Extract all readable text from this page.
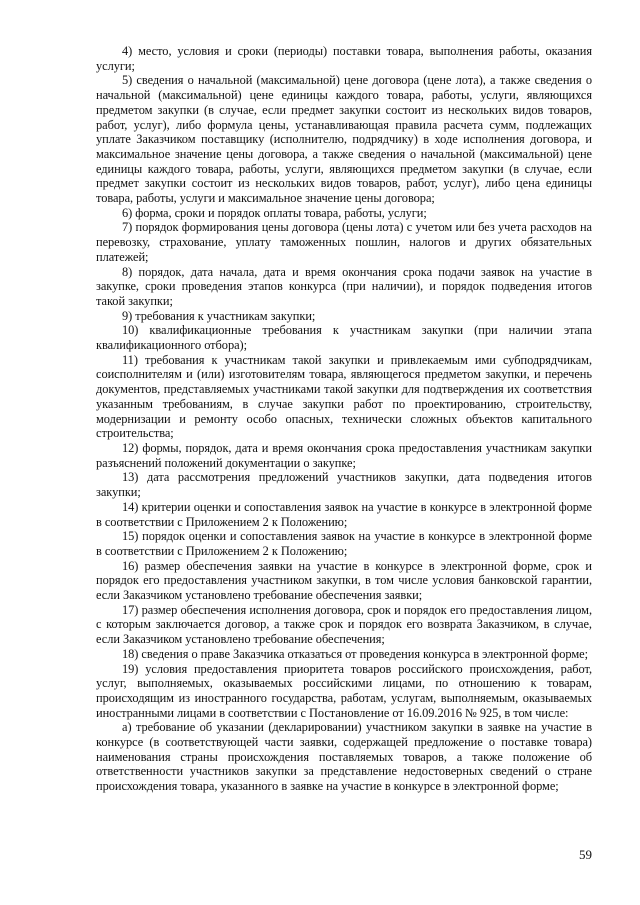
4) место, условия и сроки (периоды) поставки товара, выполнения работы, оказания услуги;

5) сведения о начальной (максимальной) цене договора (цене лота), а также сведения о начальной (максимальной) цене единицы каждого товара, работы, услуги, являющихся предметом закупки (в случае, если предмет закупки состоит из нескольких видов товаров, работ, услуг), либо формула цены, устанавливающая правила расчета сумм, подлежащих уплате Заказчиком поставщику (исполнителю, подрядчику) в ходе исполнения договора, и максимальное значение цены договора, а также сведения о начальной (максимальной) цене единицы каждого товара, работы, услуги, являющихся предметом закупки (в случае, если предмет закупки состоит из нескольких видов товаров, работ, услуг), либо цена единицы товара, работы, услуги и максимальное значение цены договора;

6) форма, сроки и порядок оплаты товара, работы, услуги;

7) порядок формирования цены договора (цены лота) с учетом или без учета расходов на перевозку, страхование, уплату таможенных пошлин, налогов и других обязательных платежей;

8) порядок, дата начала, дата и время окончания срока подачи заявок на участие в закупке, сроки проведения этапов конкурса (при наличии), и порядок подведения итогов такой закупки;

9) требования к участникам закупки;

10) квалификационные требования к участникам закупки (при наличии этапа квалификационного отбора);

11) требования к участникам такой закупки и привлекаемым ими субподрядчикам, соисполнителям и (или) изготовителям товара, являющегося предметом закупки, и перечень документов, представляемых участниками такой закупки для подтверждения их соответствия указанным требованиям, в случае закупки работ по проектированию, строительству, модернизации и ремонту особо опасных, технически сложных объектов капитального строительства;

12) формы, порядок, дата и время окончания срока предоставления участникам закупки разъяснений положений документации о закупке;

13) дата рассмотрения предложений участников закупки, дата подведения итогов закупки;

14) критерии оценки и сопоставления заявок на участие в конкурсе в электронной форме в соответствии с Приложением 2 к Положению;

15) порядок оценки и сопоставления заявок на участие в конкурсе в электронной форме в соответствии с Приложением 2 к Положению;

16) размер обеспечения заявки на участие в конкурсе в электронной форме, срок и порядок его предоставления участником закупки, в том числе условия банковской гарантии, если Заказчиком установлено требование обеспечения заявки;

17) размер обеспечения исполнения договора, срок и порядок его предоставления лицом, с которым заключается договор, а также срок и порядок его возврата Заказчиком, в случае, если Заказчиком установлено требование обеспечения;

18) сведения о праве Заказчика отказаться от проведения конкурса в электронной форме;

19) условия предоставления приоритета товаров российского происхождения, работ, услуг, выполняемых, оказываемых российскими лицами, по отношению к товарам, происходящим из иностранного государства, работам, услугам, выполняемым, оказываемых иностранными лицами в соответствии с Постановление от 16.09.2016 № 925, в том числе:

а) требование об указании (декларировании) участником закупки в заявке на участие в конкурсе (в соответствующей части заявки, содержащей предложение о поставке товара) наименования страны происхождения поставляемых товаров, а также положение об ответственности участников закупки за представление недостоверных сведений о стране происхождения товара, указанного в заявке на участие в конкурсе в электронной форме;

59
